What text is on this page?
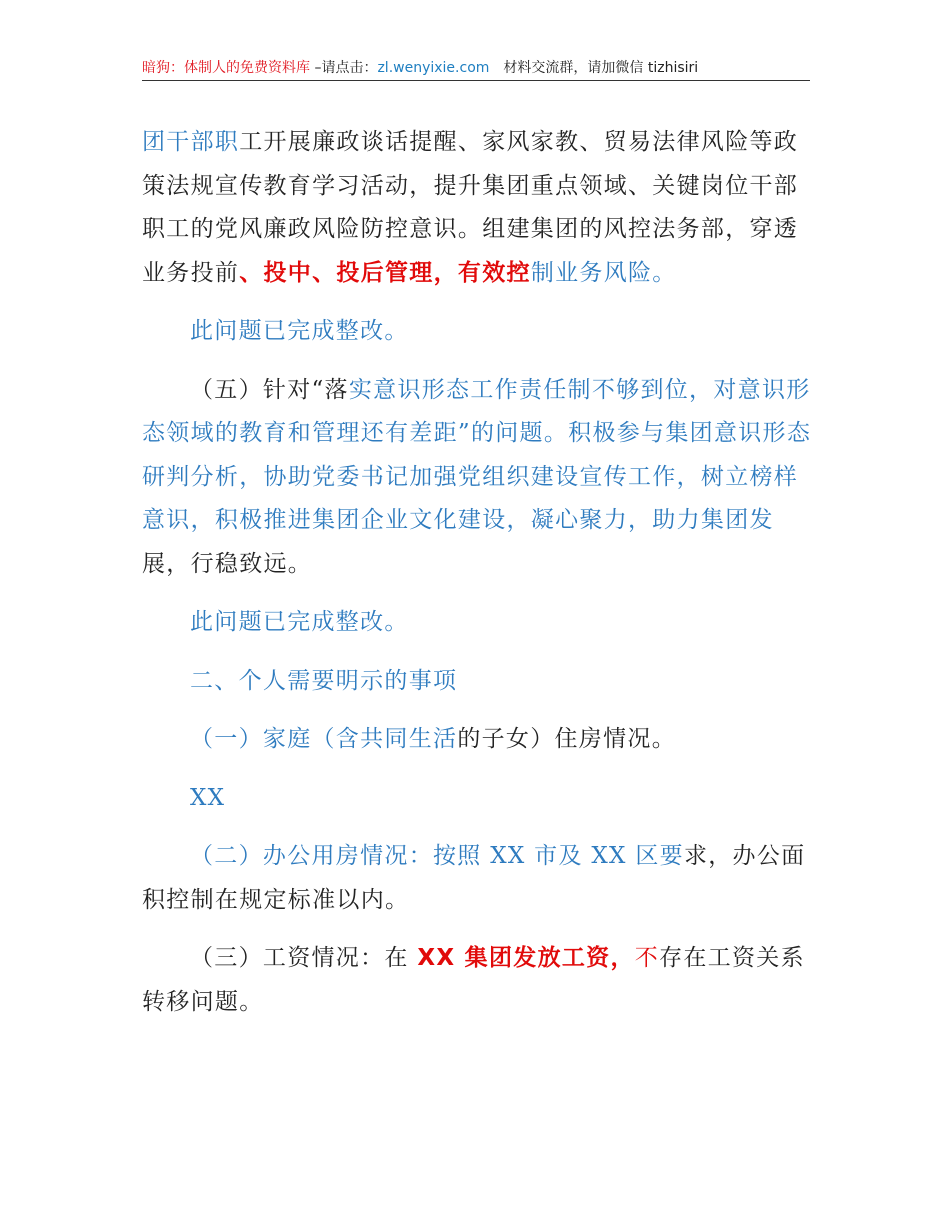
暗狗：体制人的免费资料库 –请点击：zl.wenyixie.com 材料交流群，请加微信 tizhisiri

团干部职工开展廉政谈话提醒、家风家教、贸易法律风险等政策法规宣传教育学习活动，提升集团重点领域、关键岗位干部职工的党风廉政风险防控意识。组建集团的风控法务部，穿透业务投前、投中、投后管理，有效控制业务风险。

此问题已完成整改。

（五）针对“落实意识形态工作责任制不够到位，对意识形态领域的教育和管理还有差距”的问题。积极参与集团意识形态研判分析，协助党委书记加强党组织建设宣传工作，树立榜样意识，积极推进集团企业文化建设，凝心聚力，助力集团发展，行稳致远。

此问题已完成整改。

二、个人需要明示的事项

（一）家庭（含共同生活的子女）住房情况。

XX

（二）办公用房情况：按照 XX 市及 XX 区要求，办公面积控制在规定标准以内。

（三）工资情况：在 XX 集团发放工资，不存在工资关系转移问题。
